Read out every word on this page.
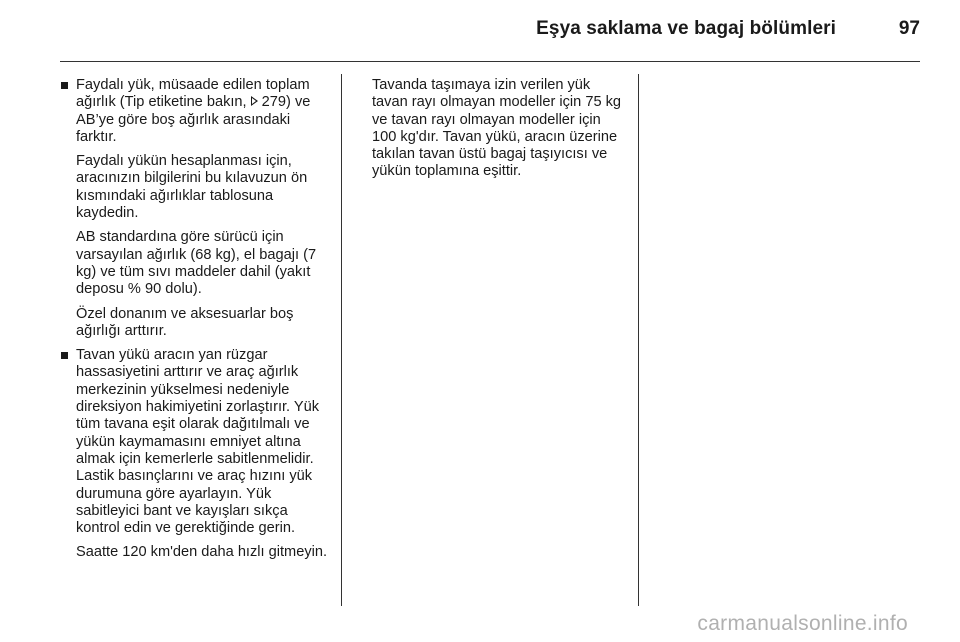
Eşya saklama ve bagaj bölümleri	97

Faydalı yük, müsaade edilen toplam ağırlık (Tip etiketine bakın, 279) ve AB’ye göre boş ağırlık arasındaki farktır.

Faydalı yükün hesaplanması için, aracınızın bilgilerini bu kılavuzun ön kısmındaki ağırlıklar tablosuna kaydedin.

AB standardına göre sürücü için varsayılan ağırlık (68 kg), el bagajı (7 kg) ve tüm sıvı maddeler dahil (yakıt deposu % 90 dolu).

Özel donanım ve aksesuarlar boş ağırlığı arttırır.

Tavan yükü aracın yan rüzgar hassasiyetini arttırır ve araç ağırlık merkezinin yükselmesi nedeniyle direksiyon hakimiyetini zorlaştırır. Yük tüm tavana eşit olarak dağıtılmalı ve yükün kaymamasını emniyet altına almak için kemerlerle sabitlenmelidir. Lastik basınçlarını ve araç hızını yük durumuna göre ayarlayın. Yük sabitleyici bant ve kayışları sıkça kontrol edin ve gerektiğinde gerin.

Saatte 120 km'den daha hızlı gitmeyin.

Tavanda taşımaya izin verilen yük tavan rayı olmayan modeller için 75 kg ve tavan rayı olmayan modeller için 100 kg'dır. Tavan yükü, aracın üzerine takılan tavan üstü bagaj taşıyıcısı ve yükün toplamına eşittir.

carmanualsonline.info
